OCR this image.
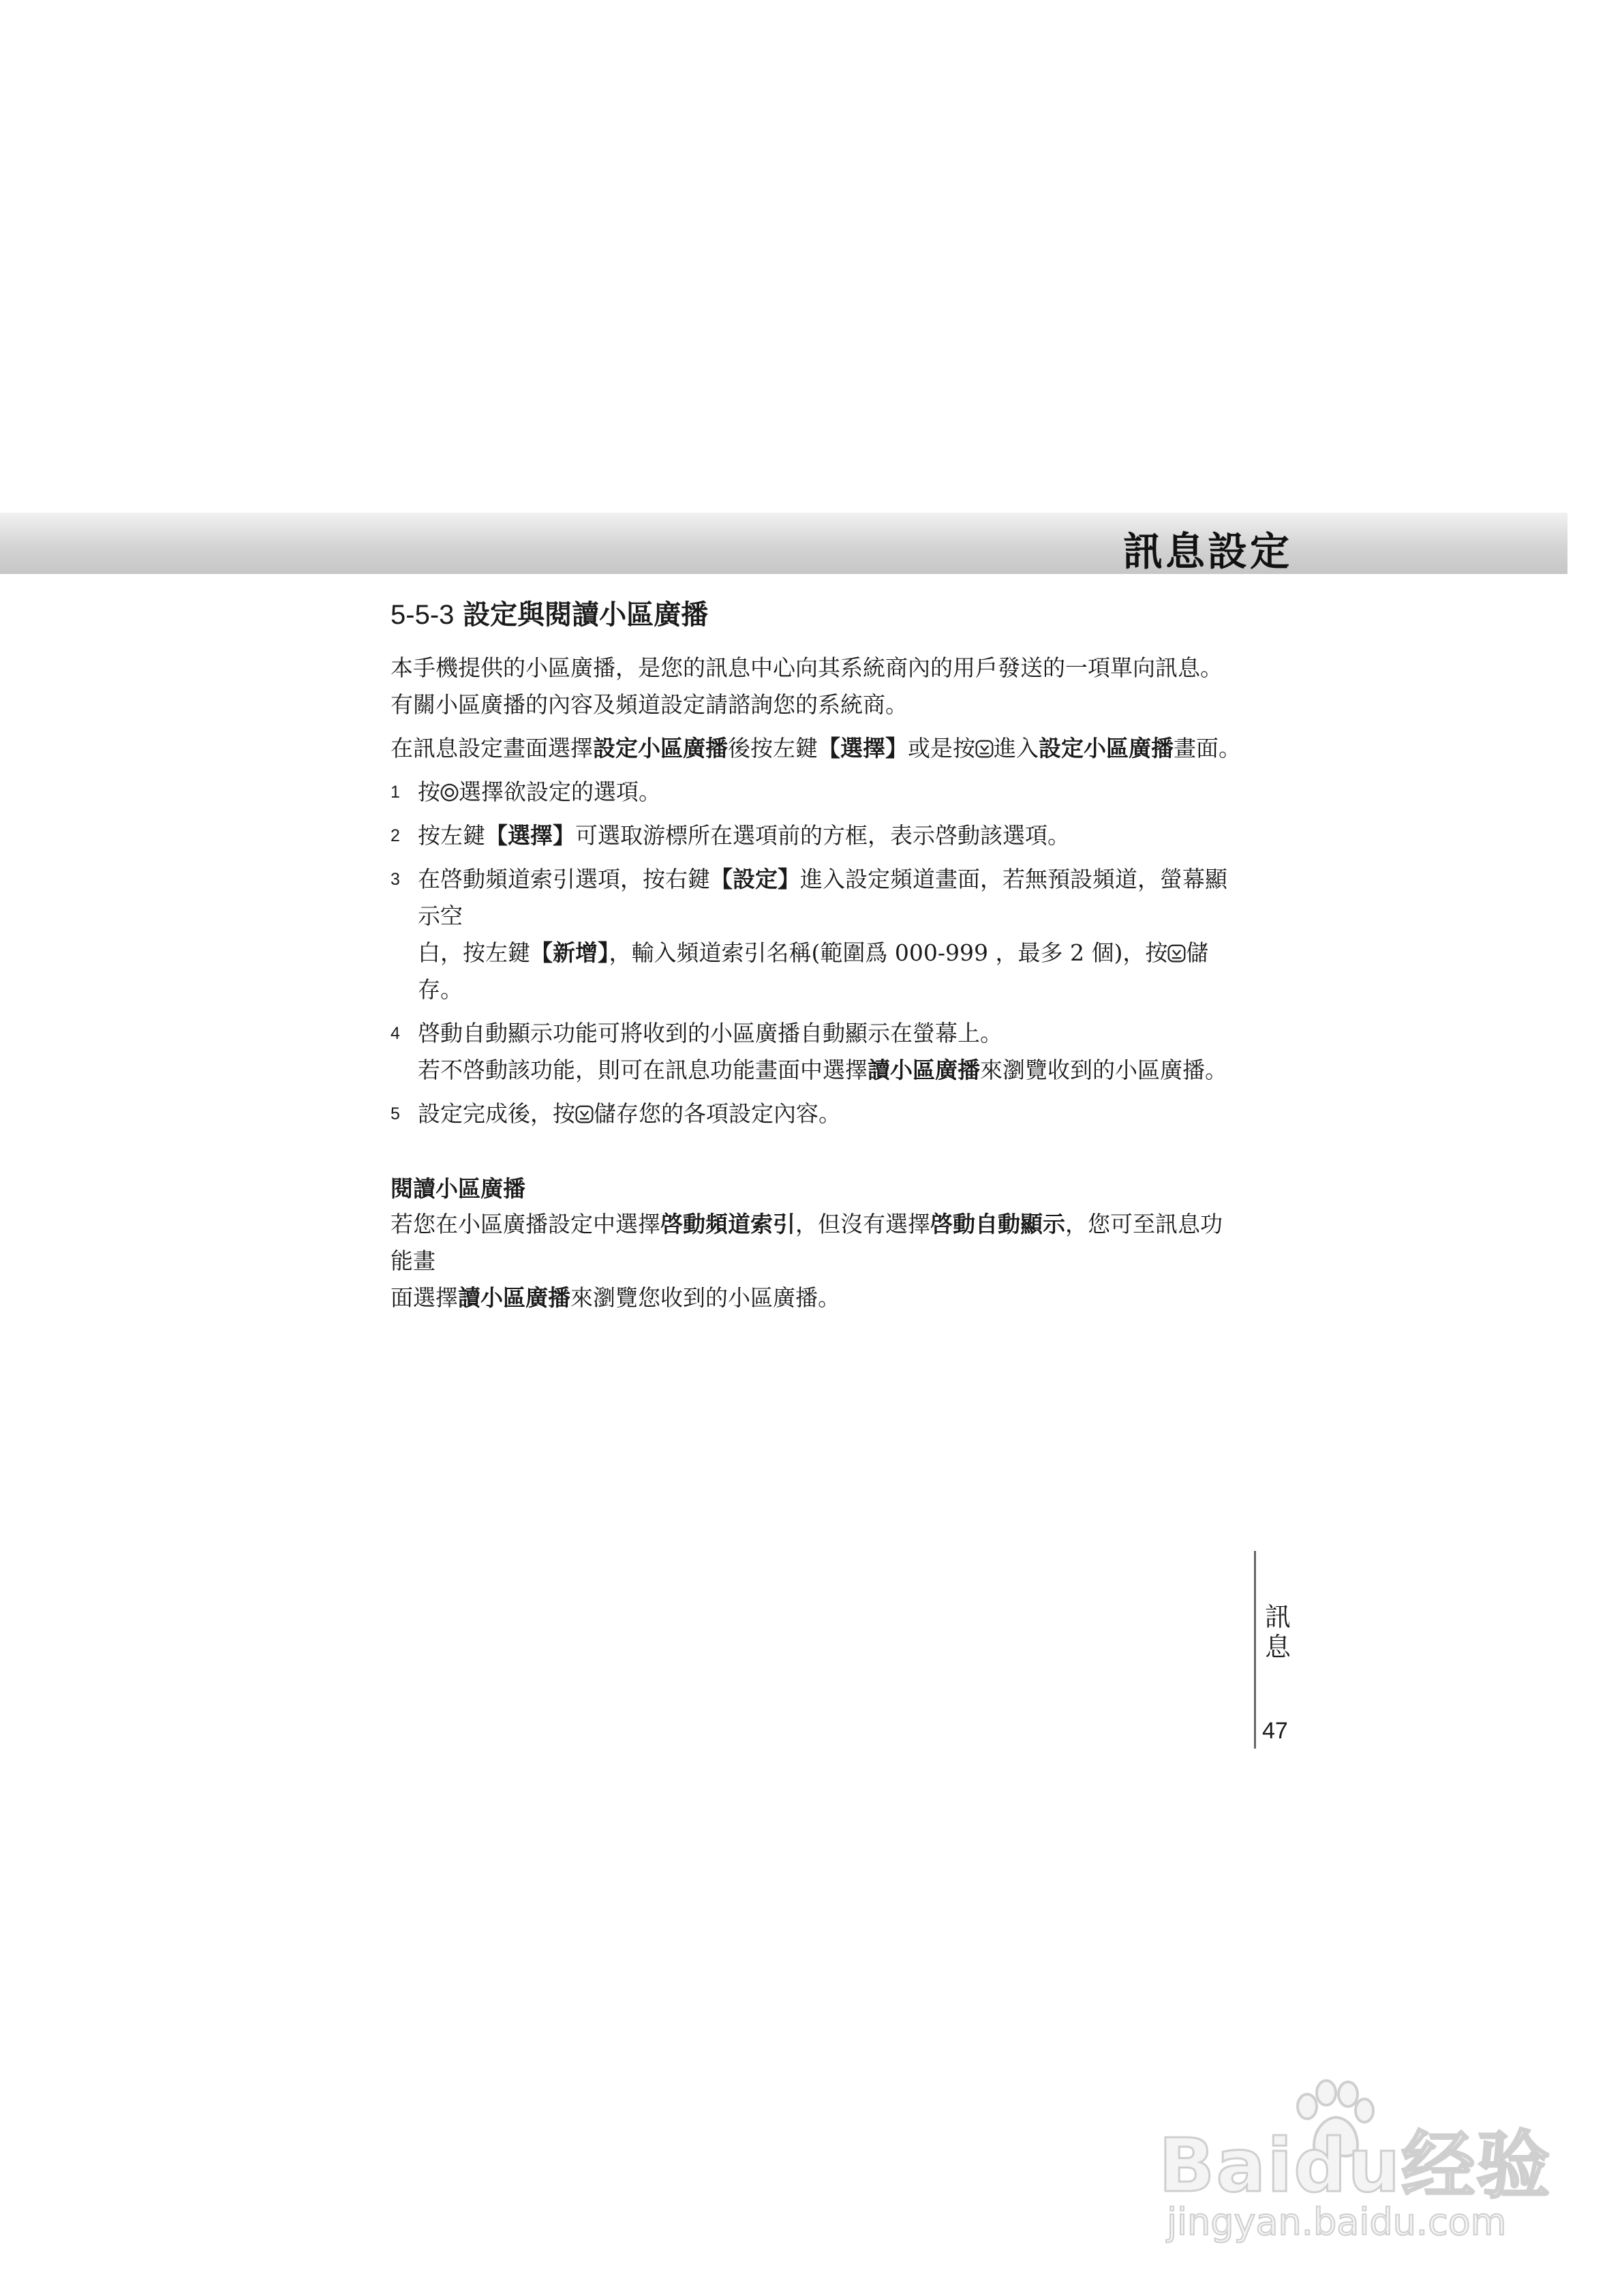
訊息設定
5-5-3 設定與閱讀小區廣播

本手機提供的小區廣播，是您的訊息中心向其系統商內的用戶發送的一項單向訊息。有關小區廣播的內容及頻道設定請諮詢您的系統商。

在訊息設定畫面選擇設定小區廣播後按左鍵【選擇】或是按 進入設定小區廣播畫面。

1 按 選擇欲設定的選項。
2 按左鍵【選擇】可選取游標所在選項前的方框，表示啓動該選項。
3 在啓動頻道索引選項，按右鍵【設定】進入設定頻道畫面，若無預設頻道，螢幕顯示空
白，按左鍵【新增】，輸入頻道索引名稱(範圍爲 000-999 ，最多 2 個)，按 儲存。
4 啓動自動顯示功能可將收到的小區廣播自動顯示在螢幕上。
若不啓動該功能，則可在訊息功能畫面中選擇讀小區廣播來瀏覽收到的小區廣播。
5 設定完成後，按 儲存您的各項設定內容。
閱讀小區廣播

若您在小區廣播設定中選擇啓動頻道索引，但沒有選擇啓動自動顯示，您可至訊息功能畫
面選擇讀小區廣播來瀏覽您收到的小區廣播。

訊
息
47
Baidu经验
jingyan.baidu.com
